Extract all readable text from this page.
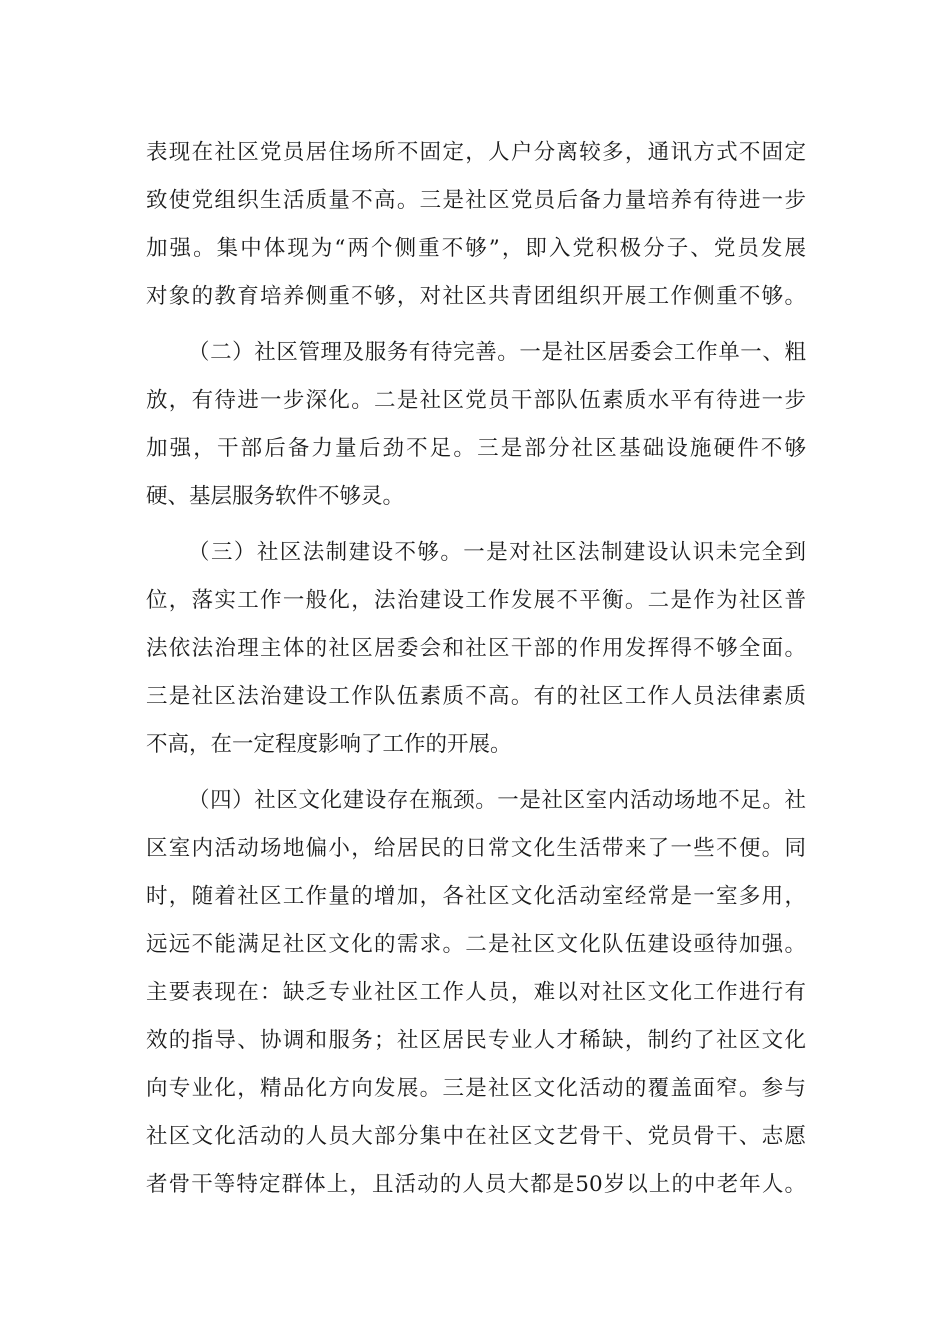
表现在社区党员居住场所不固定，人户分离较多，通讯方式不固定
致使党组织生活质量不高。三是社区党员后备力量培养有待进一步
加强。集中体现为“两个侧重不够”，即入党积极分子、党员发展
对象的教育培养侧重不够，对社区共青团组织开展工作侧重不够。
（二）社区管理及服务有待完善。一是社区居委会工作单一、粗
放，有待进一步深化。二是社区党员干部队伍素质水平有待进一步
加强，干部后备力量后劲不足。三是部分社区基础设施硬件不够
硬、基层服务软件不够灵。
（三）社区法制建设不够。一是对社区法制建设认识未完全到
位，落实工作一般化，法治建设工作发展不平衡。二是作为社区普
法依法治理主体的社区居委会和社区干部的作用发挥得不够全面。
三是社区法治建设工作队伍素质不高。有的社区工作人员法律素质
不高，在一定程度影响了工作的开展。
（四）社区文化建设存在瓶颈。一是社区室内活动场地不足。社
区室内活动场地偏小，给居民的日常文化生活带来了一些不便。同
时，随着社区工作量的增加，各社区文化活动室经常是一室多用，
远远不能满足社区文化的需求。二是社区文化队伍建设亟待加强。
主要表现在：缺乏专业社区工作人员，难以对社区文化工作进行有
效的指导、协调和服务；社区居民专业人才稀缺，制约了社区文化
向专业化，精品化方向发展。三是社区文化活动的覆盖面窄。参与
社区文化活动的人员大部分集中在社区文艺骨干、党员骨干、志愿
者骨干等特定群体上，且活动的人员大都是50岁以上的中老年人。
